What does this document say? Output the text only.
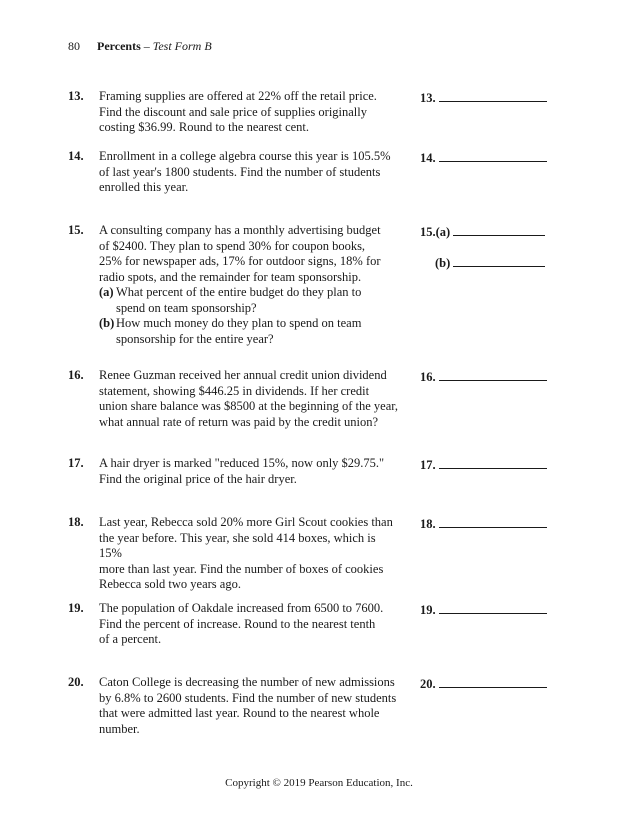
80 Percents – Test Form B
13.	Framing supplies are offered at 22% off the retail price.
Find the discount and sale price of supplies originally
costing $36.99. Round to the nearest cent.
13.
14.	Enrollment in a college algebra course this year is 105.5%
of last year's 1800 students. Find the number of students
enrolled this year.
14.
15.	A consulting company has a monthly advertising budget
of $2400. They plan to spend 30% for coupon books,
25% for newspaper ads, 17% for outdoor signs, 18% for
radio spots, and the remainder for team sponsorship.
(a) What percent of the entire budget do they plan to
spend on team sponsorship?
(b) How much money do they plan to spend on team
sponsorship for the entire year?
15.(a)
(b)
16.	Renee Guzman received her annual credit union dividend
statement, showing $446.25 in dividends. If her credit
union share balance was $8500 at the beginning of the year,
what annual rate of return was paid by the credit union?
16.
17.	A hair dryer is marked "reduced 15%, now only $29.75."
Find the original price of the hair dryer.
17.
18.	Last year, Rebecca sold 20% more Girl Scout cookies than
the year before. This year, she sold 414 boxes, which is 15%
more than last year. Find the number of boxes of cookies
Rebecca sold two years ago.
18.
19.	The population of Oakdale increased from 6500 to 7600.
Find the percent of increase. Round to the nearest tenth
of a percent.
19.
20.	Caton College is decreasing the number of new admissions
by 6.8% to 2600 students. Find the number of new students
that were admitted last year. Round to the nearest whole
number.
20.
Copyright © 2019 Pearson Education, Inc.
